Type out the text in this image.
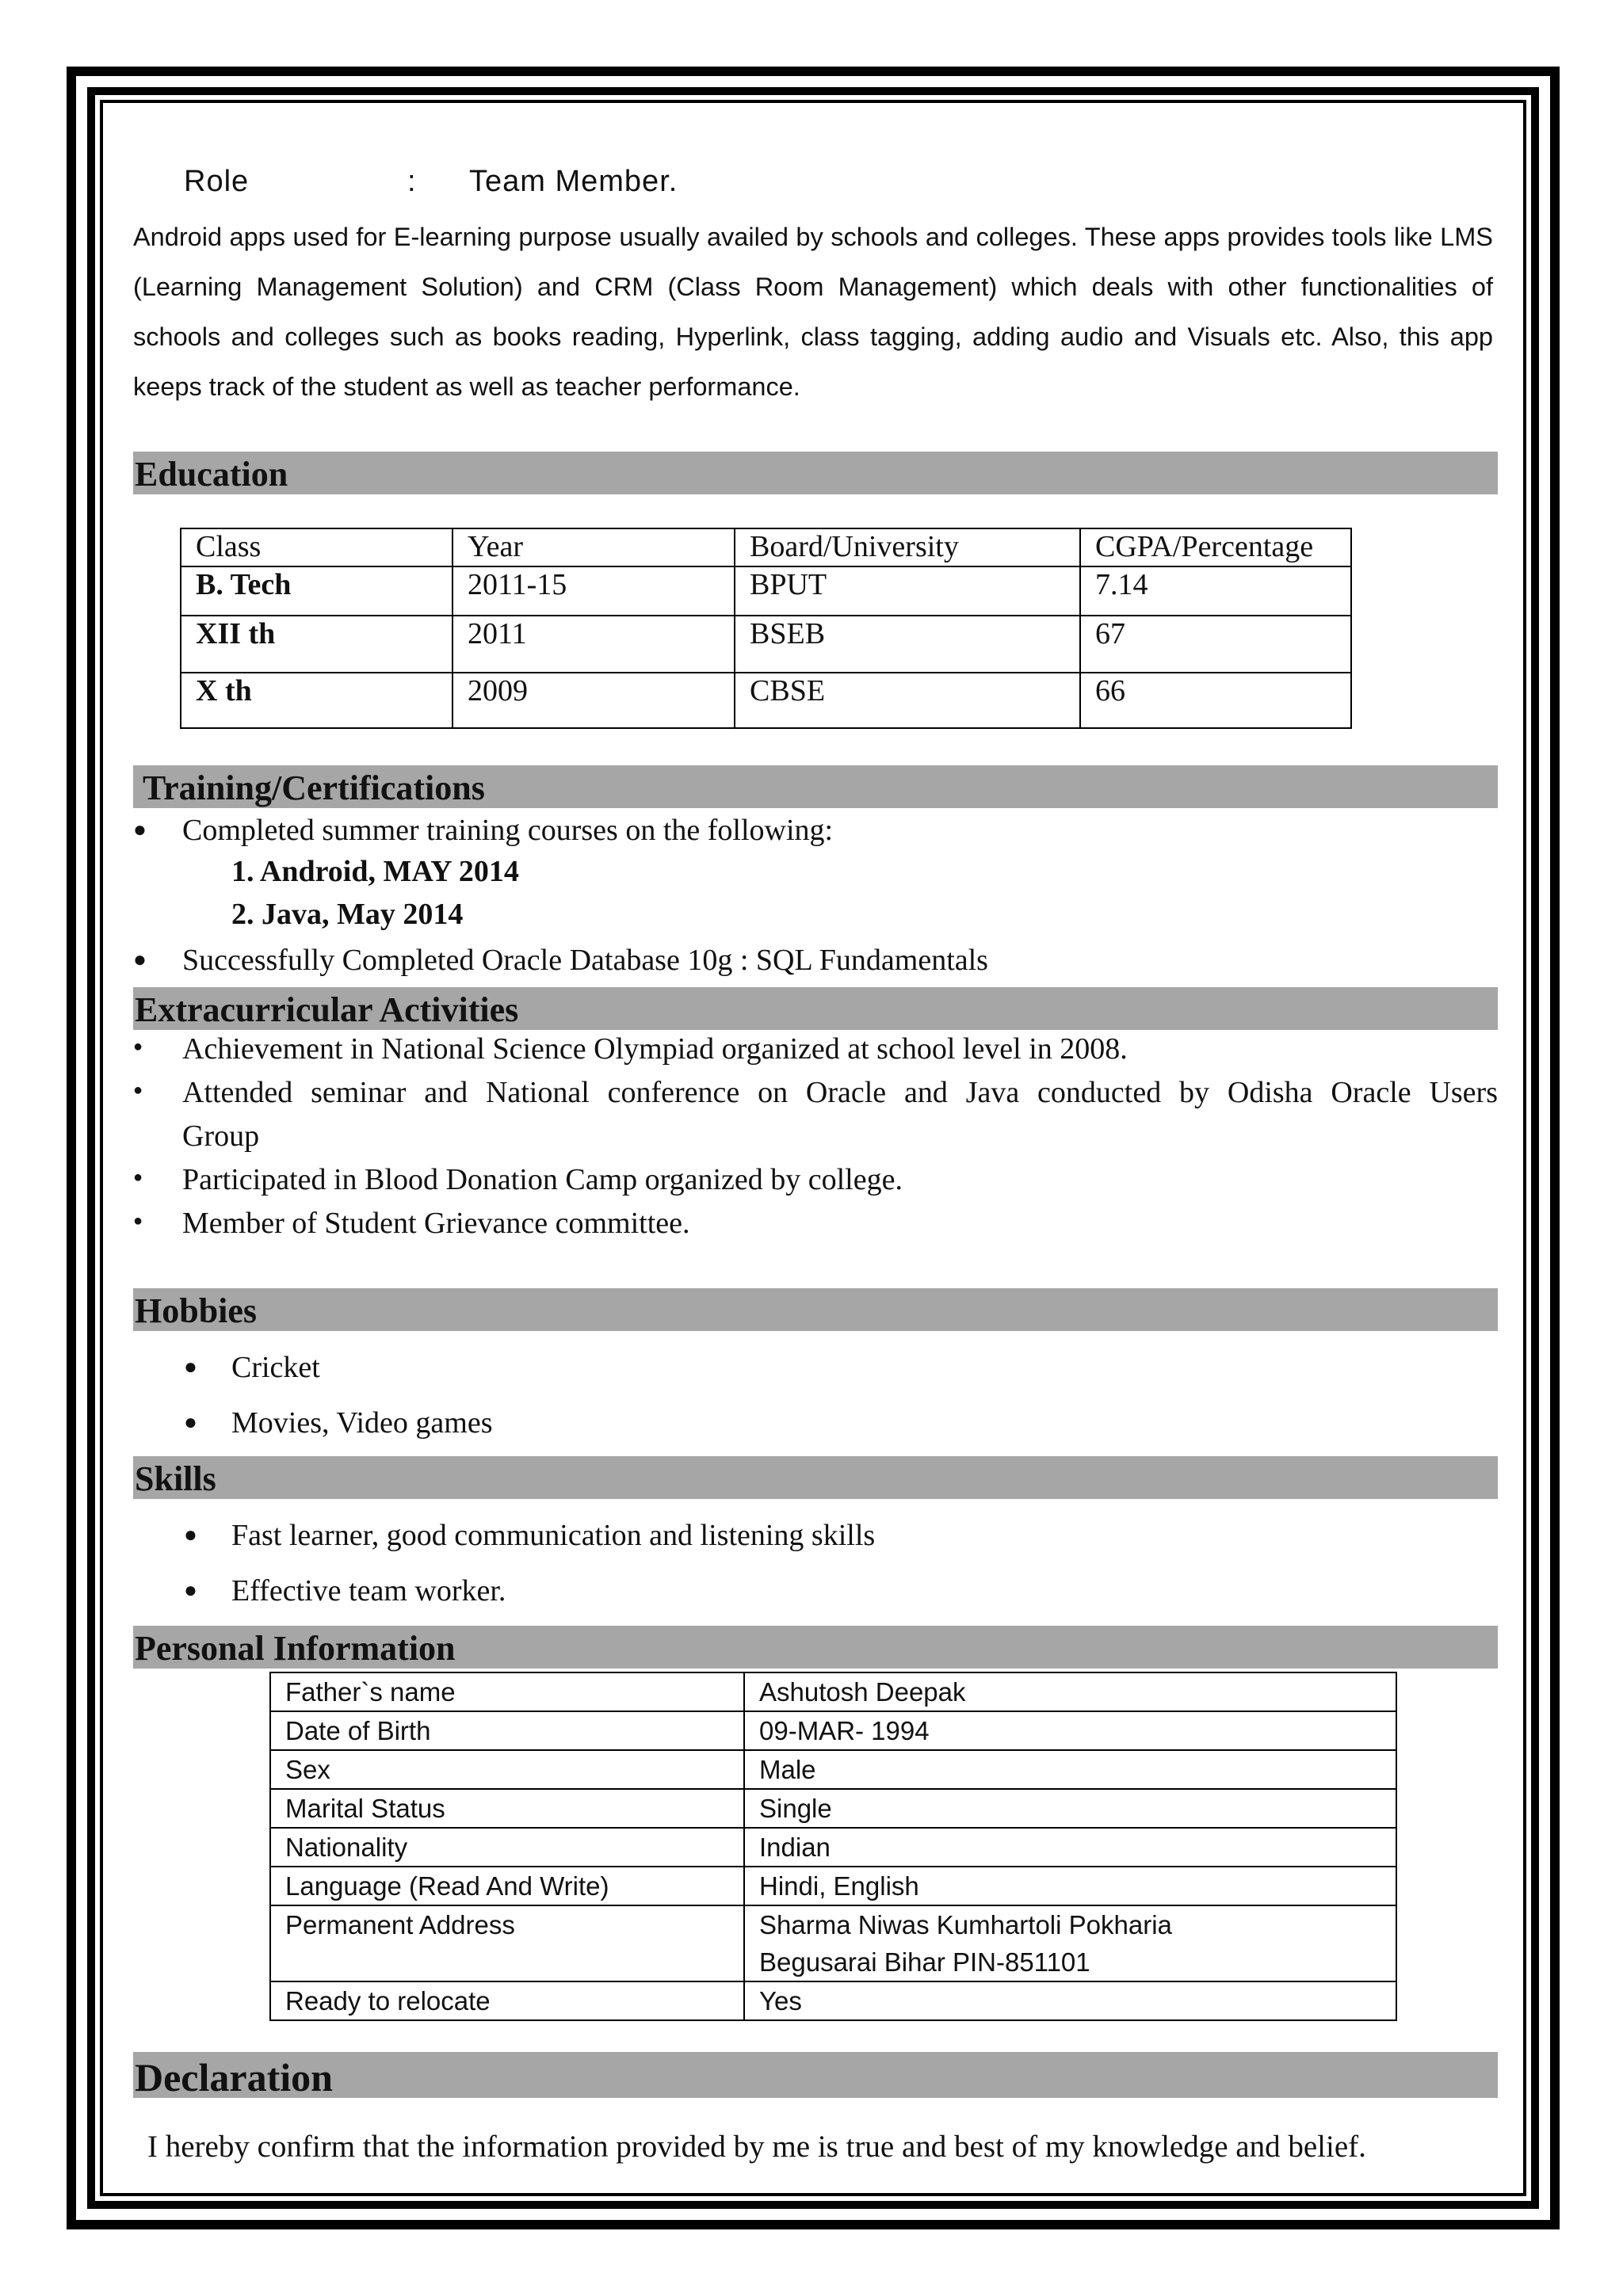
Role	: Team Member.

Android apps used for E-learning purpose usually availed by schools and colleges. These apps provides tools like LMS (Learning Management Solution) and CRM (Class Room Management) which deals with other functionalities of schools and colleges such as books reading, Hyperlink, class tagging, adding audio and Visuals etc. Also, this app keeps track of the student as well as teacher performance.

Education
Class	Year	Board/University	CGPA/Percentage
B. Tech	2011-15	BPUT	7.14
XII th	2011	BSEB	67
X th	2009	CBSE	66
Training/Certifications
● Completed summer training courses on the following:
1. Android, MAY 2014
2. Java, May 2014
● Successfully Completed Oracle Database 10g : SQL Fundamentals
Extracurricular Activities
● Achievement in National Science Olympiad organized at school level in 2008.
● Attended seminar and National conference on Oracle and Java conducted by Odisha Oracle Users
Group
● Participated in Blood Donation Camp organized by college.
● Member of Student Grievance committee.
Hobbies
● Cricket
● Movies, Video games
Skills
● Fast learner, good communication and listening skills
● Effective team worker.
Personal Information
Father`s name	Ashutosh Deepak
Date of Birth	09-MAR- 1994
Sex	Male
Marital Status	Single
Nationality	Indian
Language (Read And Write)	Hindi, English
Permanent Address	Sharma Niwas Kumhartoli Pokharia
Begusarai Bihar PIN-851101

Ready to relocate	Yes
Declaration
I hereby confirm that the information provided by me is true and best of my knowledge and belief.
